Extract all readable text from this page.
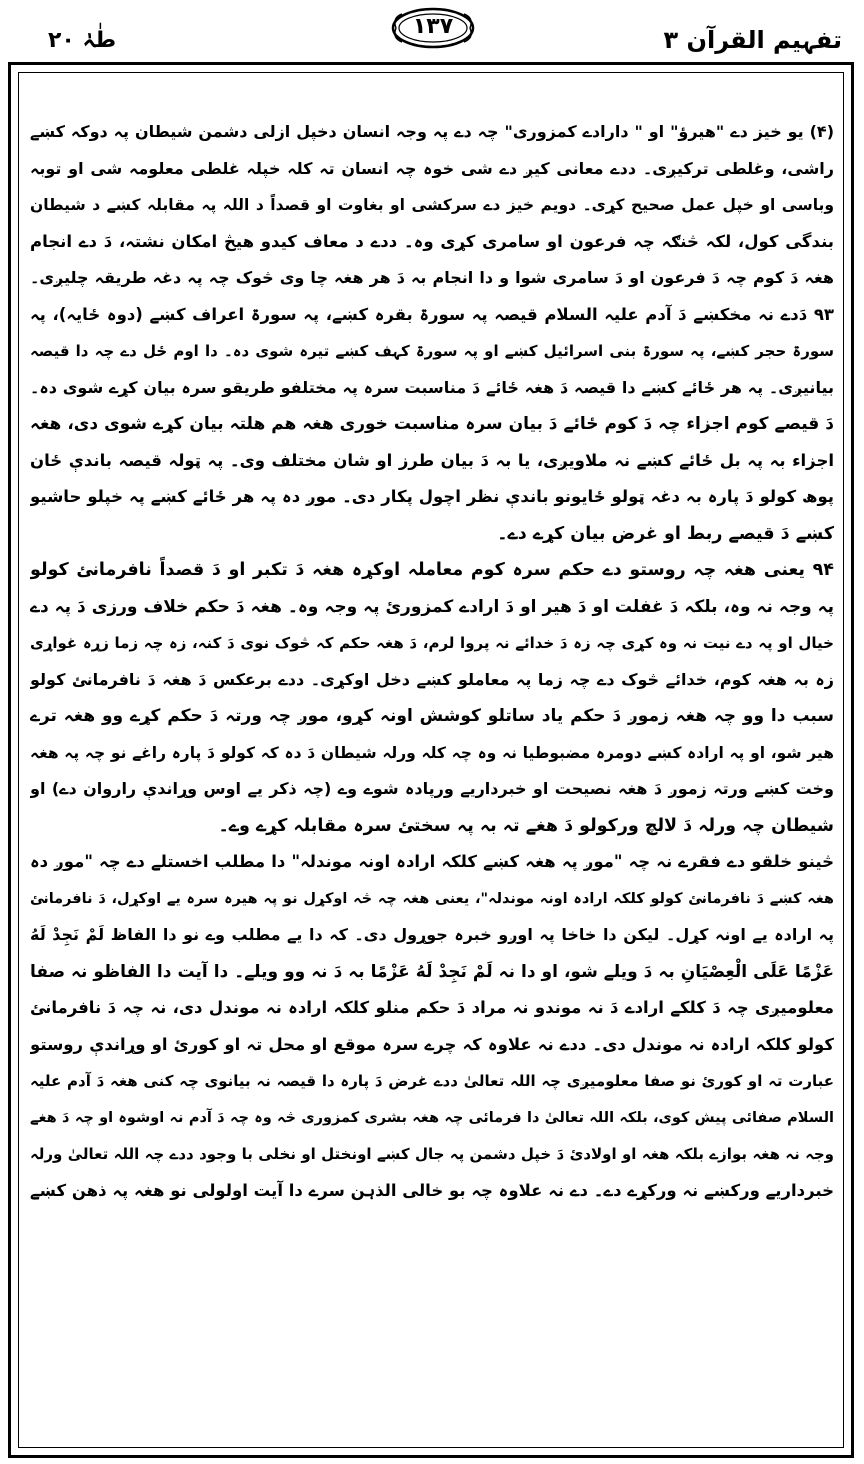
طٰہٰ ۲۰
۱۳۷	تفہیم القرآن ۳
(۴) یو خیز دے "ھیرؤ" او " دارادے کمزوری" چہ دے پہ وجہ انسان دخپل ازلی دشمن شیطان پہ دوکہ کښے
راشی، وغلطی ترکیږی۔ ددے معانی کیږ دے شی خوہ چہ انسان تہ کلہ خپلہ غلطی معلومہ شی او توبہ
وباسی او خپل عمل صحیح کړی۔ دویم خیز دے سرکشی او بغاوت او قصداً د اللہ پہ مقابلہ کښے د شیطان
بندگی کول، لکہ څنګہ چہ فرعون او سامری کړی وہ۔ ددے د معاف کیدو هیڅ امکان نشتہ، دَ دے انجام
ھغہ دَ کوم چہ دَ فرعون او دَ سامری شوا و دا انجام بہ دَ ھر ھغہ چا وی څوک چہ پہ دغہ طریقہ چلیږی۔
۹۳ دَدے نہ مخکښے دَ آدم علیہ السلام قیصہ پہ سورۃ بقرہ کښے، پہ سورۃ اعراف کښے (دوہ ځایہ)، پہ
سورۃ حجر کښے، پہ سورۃ بنی اسرائیل کښے او پہ سورۃ کہف کښے تیرہ شوی دہ۔ دا اوم ځل دے چہ دا قیصہ
بیانیږی۔ پہ ھر ځائے کښے دا قیصہ دَ ھغہ ځائے دَ مناسبت سرہ پہ مختلفو طریقو سرہ بیان کړے شوی دہ۔
دَ قیصے کوم اجزاء چہ دَ کوم ځائے دَ بیان سرہ مناسبت خوری ھغہ ھم ھلتہ بیان کړے شوی دی، ھغہ
اجزاء بہ پہ بل ځائے کښے نہ ملاویږی، یا بہ دَ بیان طرز او شان مختلف وی۔ پہ ټولہ قیصہ باندې ځان
پوھ کولو دَ پارہ بہ دغہ ټولو ځایونو باندې نظر اچول پکار دی۔ موږ دہ پہ ھر ځائے کښے پہ خپلو حاشیو
کښے دَ قیصے ربط او غرض بیان کړے دے۔
۹۴ یعنی ھغہ چہ روستو دے حکم سرہ کوم معاملہ اوکړہ ھغہ دَ تکبر او دَ قصداً نافرمانئ کولو
پہ وجہ نہ وہ، بلکہ دَ غفلت او دَ ھیر او دَ ارادے کمزورئ پہ وجہ وہ۔ ھغہ دَ حکم خلاف ورزی دَ پہ دے
خیال او پہ دے نیت نہ وہ کړی چہ زہ دَ خدائے نہ پروا لرم، دَ ھغہ حکم کہ څوک نوی دَ کنہ، زہ چہ زما زړہ غواړی
زہ بہ ھغہ کوم، خدائے څوک دے چہ زما پہ معاملو کښے دخل اوکړی۔ ددے برعکس دَ ھغہ دَ نافرمانئ کولو
سبب دا وو چہ ھغہ زموږ دَ حکم یاد ساتلو کوشش اونہ کړو، موږ چہ ورتہ دَ حکم کړے وو ھغہ ترے
ھیر شو، او پہ ارادہ کښے دومرہ مضبوطیا نہ وہ چہ کلہ ورلہ شیطان دَ دہ کہ کولو دَ پارہ راغے نو چہ پہ ھغہ
وخت کښے ورتہ زموږ دَ ھغہ نصیحت او خبرداریے ورپادہ شوے وے (چہ ذکر یے اوس وړاندې راروان دے) او
شیطان چہ ورلہ دَ لالچ ورکولو دَ ھغے تہ بہ پہ سختئ سرہ مقابلہ کړے وے۔
څینو خلقو دے فقرے نہ چہ "موږ پہ ھغہ کښے کلکہ ارادہ اونہ موندلہ" دا مطلب اخستلے دے چہ "موږ دہ
ھغہ کښے دَ نافرمانئ کولو کلکہ ارادہ اونہ موندلہ"، یعنی ھغہ چہ څہ اوکړل نو پہ ھیرہ سرہ یے اوکړل، دَ نافرمانئ
پہ ارادہ یے اونہ کړل۔ لیکن دا خاخا پہ اوږو خبرہ جوړول دی۔ کہ دا یے مطلب وے نو دا الفاظ لَمْ نَجِدْ لَهُ
عَزْمًا عَلَى الْعِصْيَانِ بہ دَ ویلے شو، او دا نہ لَمْ نَجِدْ لَهُ عَزْمًا بہ دَ نہ وو ویلے۔ دا آیت دا الفاظو نہ صفا
معلومیږی چہ دَ کلکے ارادے دَ نہ موندو نہ مراد دَ حکم منلو کلکہ ارادہ نہ موندل دی، نہ چہ دَ نافرمانئ
کولو کلکہ ارادہ نہ موندل دی۔ ددے نہ علاوہ کہ چرے سرہ موقع او محل تہ او کورئ او وړاندې روستو
عبارت تہ او کورئ نو صفا معلومیږی چہ اللہ تعالیٰ ددے غرض دَ پارہ دا قیصہ نہ بیانوی چہ کنی ھغہ دَ آدم علیہ
السلام صفائی پیش کوی، بلکہ اللہ تعالیٰ دا فرمائی چہ ھغہ بشری کمزوری څہ وہ چہ دَ آدم نہ اوشوہ او چہ دَ ھغے
وجہ نہ ھغہ بوازے بلکہ ھغہ او اولادئ دَ خپل دشمن پہ جال کښے اونختل او نخلی با وجود ددے چہ اللہ تعالیٰ ورلہ
خبرداریے ورکښے نہ ورکړے دے۔ دے نہ علاوہ چہ بو خالی الذہن سرے دا آیت اولولی نو ھغہ پہ ذھن کښے
